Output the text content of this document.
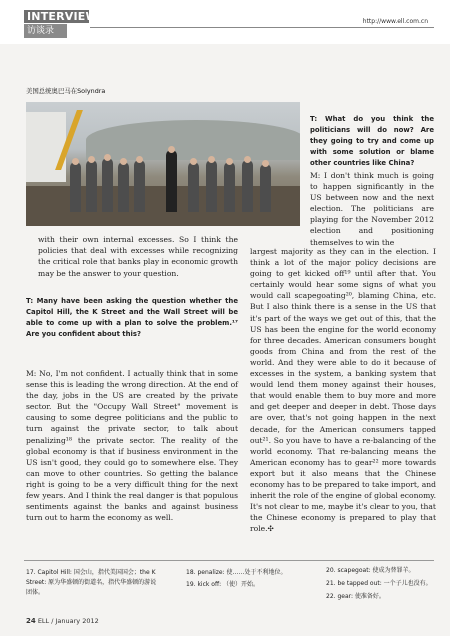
INTERVIEW
访谈录
http://www.ell.com.cn
美国总统奥巴马在Solyndra
T: What do you think the politicians will do now? Are they going to try and come up with some solution or blame other countries like China?
M: I don't think much is going to happen significantly in the US between now and the next election. The politicians are playing for the November 2012 election and positioning themselves to win the
with their own internal excesses. So I think the policies that deal with excesses while recognizing the critical role that banks play in economic growth may be the answer to your question.
T: Many have been asking the question whether the Capitol Hill, the K Street and the Wall Street will be able to come up with a plan to solve the problem.¹⁷ Are you confident about this?
M: No, I'm not confident. I actually think that in some sense this is leading the wrong direction. At the end of the day, jobs in the US are created by the private sector. But the "Occupy Wall Street" movement is causing to some degree politicians and the public to turn against the private sector, to talk about penalizing¹⁸ the private sector. The reality of the global economy is that if business environment in the US isn't good, they could go to somewhere else. They can move to other countries. So getting the balance right is going to be a very difficult thing for the next few years. And I think the real danger is that populous sentiments against the banks and against business turn out to harm the economy as well.
largest majority as they can in the election. I think a lot of the major policy decisions are going to get kicked off¹⁹ until after that. You certainly would hear some signs of what you would call scapegoating²⁰, blaming China, etc. But I also think there is a sense in the US that it's part of the ways we get out of this, that the US has been the engine for the world economy for three decades. American consumers bought goods from China and from the rest of the world. And they were able to do it because of excesses in the system, a banking system that would lend them money against their houses, that would enable them to buy more and more and get deeper and deeper in debt. Those days are over, that's not going happen in the next decade, for the American consumers tapped out²¹. So you have to have a re-balancing of the world economy. That re-balancing means the American economy has to gear²² more towards export but it also means that the Chinese economy has to be prepared to take import, and inherit the role of the engine of global economy. It's not clear to me, maybe it's clear to you, that the Chinese economy is prepared to play that role.✣
17. Capitol Hill: 国会山，指代美国国会；the K Street: 原为华盛顿的街道名，指代华盛顿的游说团体。
18. penalize: 使……处于不利地位。
19. kick off: （使）开始。
20. scapegoat: 使成为替罪羊。
21. be tapped out: 一个子儿也没有。
22. gear: 使准备好。
24 ELL / January 2012
